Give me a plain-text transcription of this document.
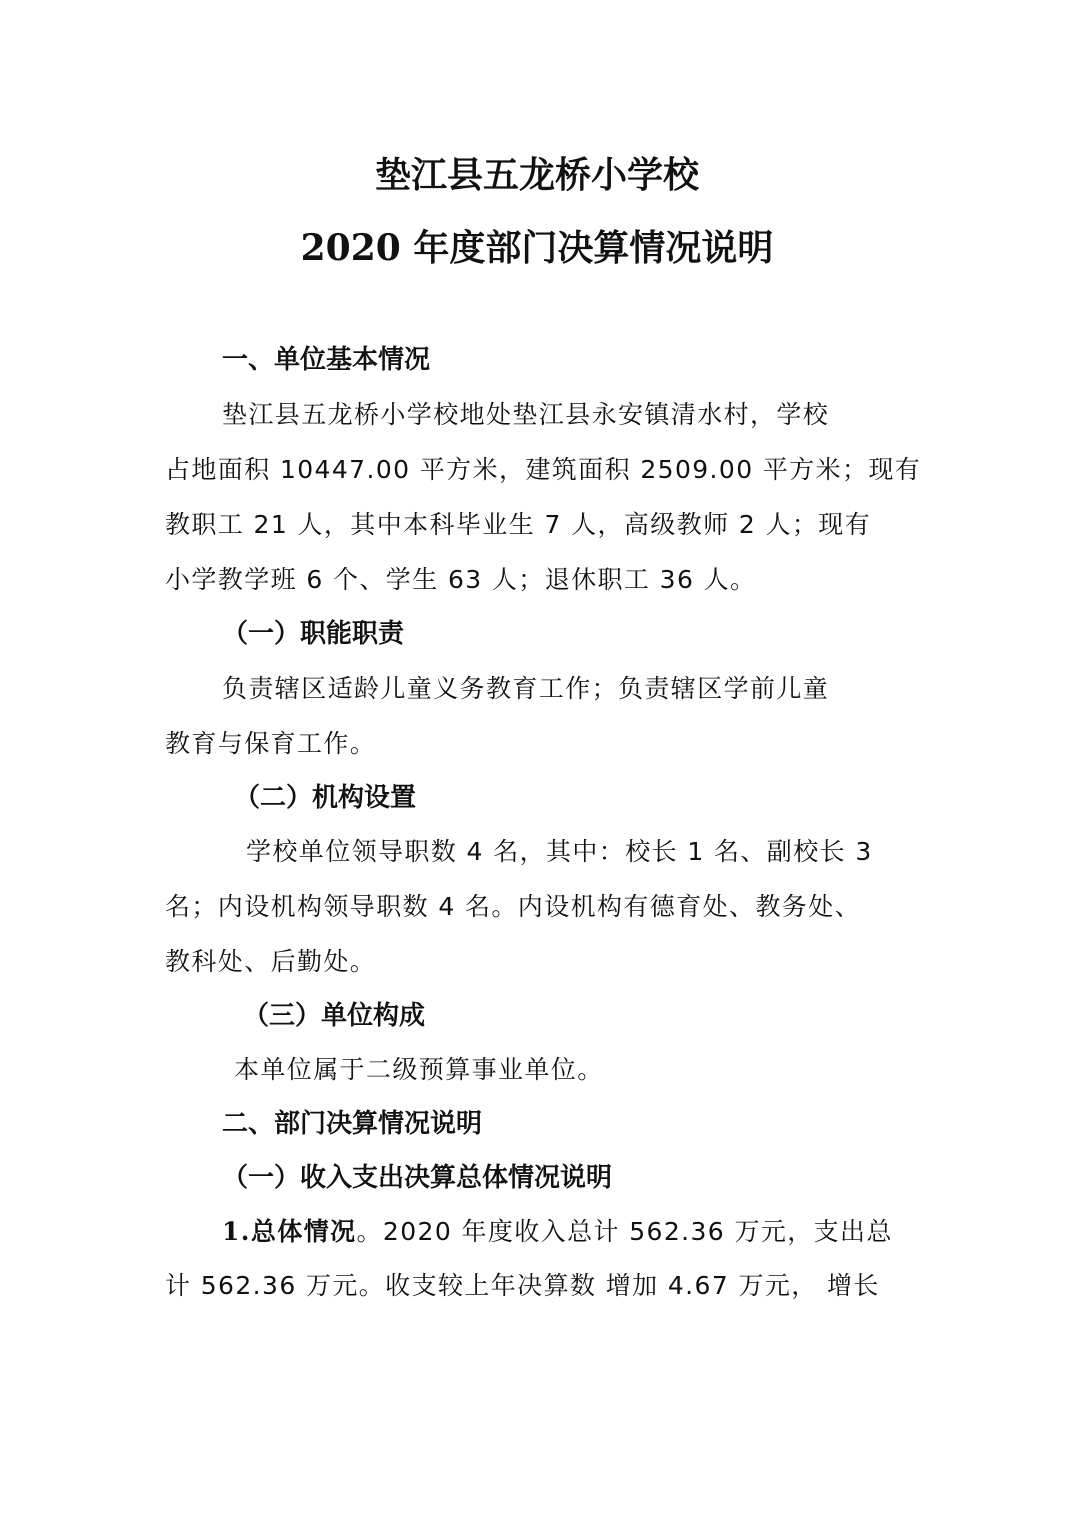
垫江县五龙桥小学校
2020 年度部门决算情况说明
一、单位基本情况
垫江县五龙桥小学校地处垫江县永安镇清水村，学校
占地面积 10447.00 平方米，建筑面积 2509.00 平方米；现有
教职工 21 人，其中本科毕业生 7 人，高级教师 2 人；现有
小学教学班 6 个、学生 63 人；退休职工 36 人。
（一）职能职责
负责辖区适龄儿童义务教育工作；负责辖区学前儿童
教育与保育工作。
（二）机构设置
学校单位领导职数 4 名，其中：校长 1 名、副校长 3
名；内设机构领导职数 4 名。内设机构有德育处、教务处、
教科处、后勤处。
（三）单位构成
本单位属于二级预算事业单位。
二、部门决算情况说明
（一）收入支出决算总体情况说明
1.总体情况。2020 年度收入总计 562.36 万元，支出总
计 562.36 万元。收支较上年决算数 增加 4.67 万元， 增长
